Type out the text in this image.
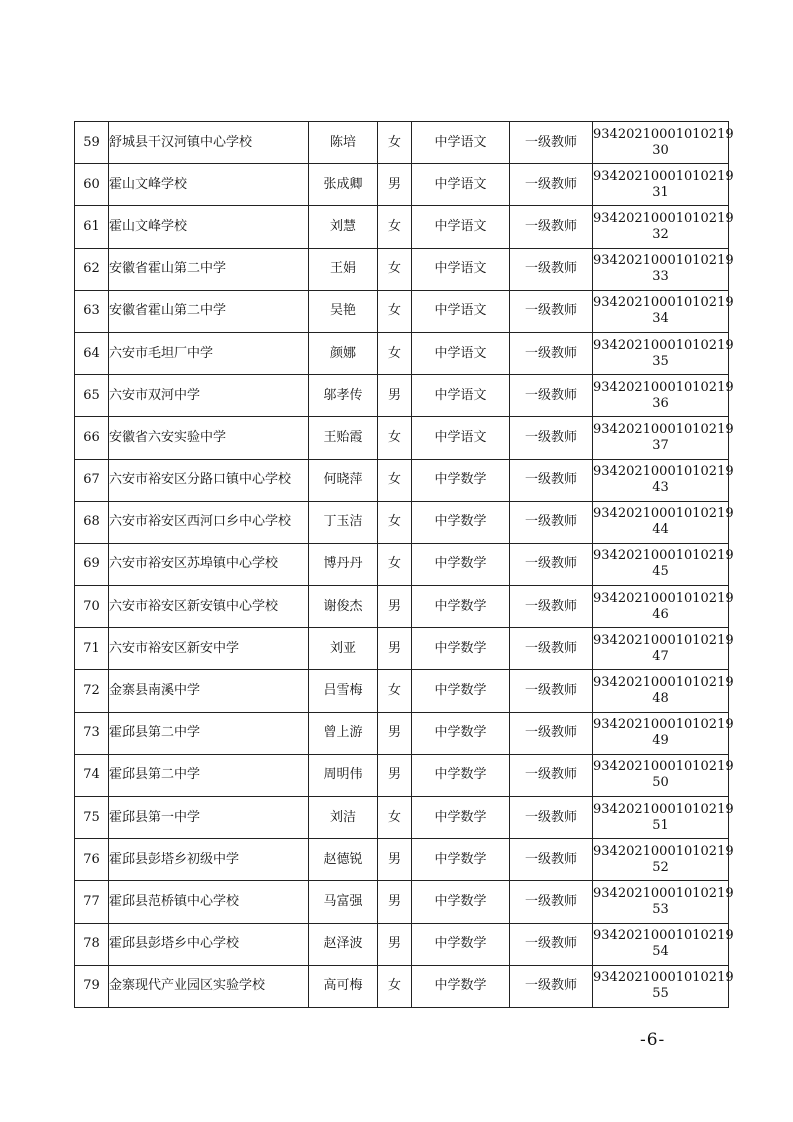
59	舒城县干汉河镇中心学校	陈培	女	中学语文	一级教师	93420210001010219
30

60	霍山文峰学校	张成卿	男	中学语文	一级教师	93420210001010219
31

61	霍山文峰学校	刘慧	女	中学语文	一级教师	93420210001010219
32

62	安徽省霍山第二中学	王娟	女	中学语文	一级教师	93420210001010219
33

63	安徽省霍山第二中学	吴艳	女	中学语文	一级教师	93420210001010219
34

64	六安市毛坦厂中学	颜娜	女	中学语文	一级教师	93420210001010219
35

65	六安市双河中学	邬孝传	男	中学语文	一级教师	93420210001010219
36

66	安徽省六安实验中学	王贻霞	女	中学语文	一级教师	93420210001010219
37

67	六安市裕安区分路口镇中心学校	何晓萍	女	中学数学	一级教师	93420210001010219
43

68	六安市裕安区西河口乡中心学校	丁玉洁	女	中学数学	一级教师	93420210001010219
44

69	六安市裕安区苏埠镇中心学校	博丹丹	女	中学数学	一级教师	93420210001010219
45

70	六安市裕安区新安镇中心学校	谢俊杰	男	中学数学	一级教师	93420210001010219
46

71	六安市裕安区新安中学	刘亚	男	中学数学	一级教师	93420210001010219
47

72	金寨县南溪中学	吕雪梅	女	中学数学	一级教师	93420210001010219
48

73	霍邱县第二中学	曾上游	男	中学数学	一级教师	93420210001010219
49

74	霍邱县第二中学	周明伟	男	中学数学	一级教师	93420210001010219
50

75	霍邱县第一中学	刘洁	女	中学数学	一级教师	93420210001010219
51

76	霍邱县彭塔乡初级中学	赵德锐	男	中学数学	一级教师	93420210001010219
52

77	霍邱县范桥镇中心学校	马富强	男	中学数学	一级教师	93420210001010219
53

78	霍邱县彭塔乡中心学校	赵泽波	男	中学数学	一级教师	93420210001010219
54

79	金寨现代产业园区实验学校	高可梅	女	中学数学	一级教师	93420210001010219
55
-6-
